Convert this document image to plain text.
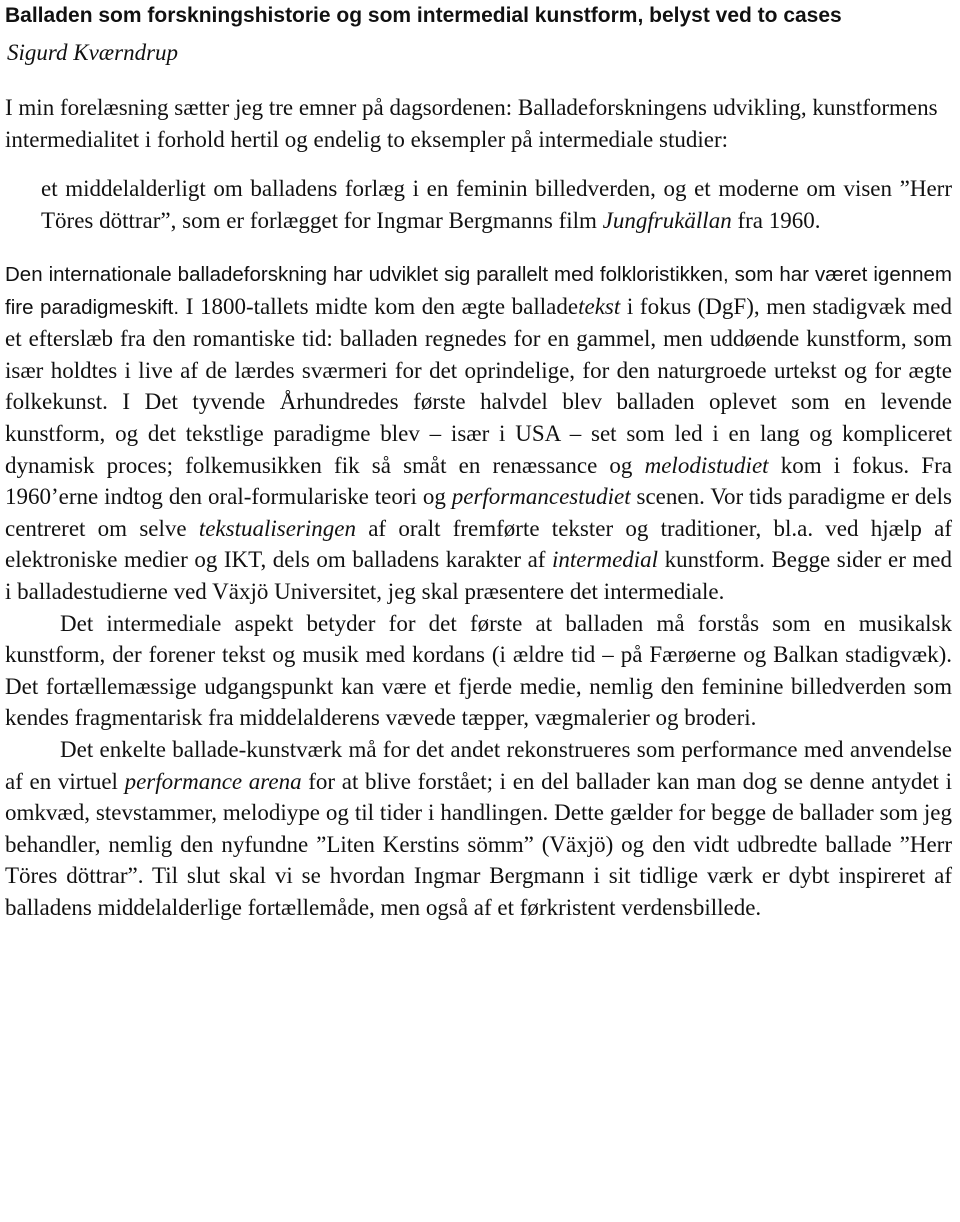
Balladen som forskningshistorie og som intermedial kunstform, belyst ved to cases
Sigurd Kværndrup

I min forelæsning sætter jeg tre emner på dagsordenen: Balladeforskningens udvikling, kunstformens intermedialitet i forhold hertil og endelig to eksempler på intermediale studier:

et middelalderligt om balladens forlæg i en feminin billedverden, og et moderne om visen ”Herr Töres döttrar”, som er forlægget for Ingmar Bergmanns film Jungfrukällan fra 1960.

Den internationale balladeforskning har udviklet sig parallelt med folkloristikken, som har været igennem fire paradigmeskift. I 1800-tallets midte kom den ægte balladetekst i fokus (DgF), men stadigvæk med et efterslæb fra den romantiske tid: balladen regnedes for en gammel, men uddøende kunstform, som især holdtes i live af de lærdes sværmeri for det oprindelige, for den naturgroede urtekst og for ægte folkekunst. I Det tyvende Århundredes første halvdel blev balladen oplevet som en levende kunstform, og det tekstlige paradigme blev – især i USA – set som led i en lang og kompliceret dynamisk proces; folkemusikken fik så småt en renæssance og melodistudiet kom i fokus. Fra 1960’erne indtog den oral-formulariske teori og performancestudiet scenen. Vor tids paradigme er dels centreret om selve tekstualiseringen af oralt fremførte tekster og traditioner, bl.a. ved hjælp af elektroniske medier og IKT, dels om balladens karakter af intermedial kunstform. Begge sider er med i balladestudierne ved Växjö Universitet, jeg skal præsentere det intermediale.

Det intermediale aspekt betyder for det første at balladen må forstås som en musikalsk kunstform, der forener tekst og musik med kordans (i ældre tid – på Færøerne og Balkan stadigvæk). Det fortællemæssige udgangspunkt kan være et fjerde medie, nemlig den feminine billedverden som kendes fragmentarisk fra middelalderens vævede tæpper, vægmalerier og broderi.

Det enkelte ballade-kunstværk må for det andet rekonstrueres som performance med anvendelse af en virtuel performance arena for at blive forstået; i en del ballader kan man dog se denne antydet i omkvæd, stevstammer, melodiype og til tider i handlingen. Dette gælder for begge de ballader som jeg behandler, nemlig den nyfundne ”Liten Kerstins sömm” (Växjö) og den vidt udbredte ballade ”Herr Töres döttrar”. Til slut skal vi se hvordan Ingmar Bergmann i sit tidlige værk er dybt inspireret af balladens middelalderlige fortællemåde, men også af et førkristent verdensbillede.
